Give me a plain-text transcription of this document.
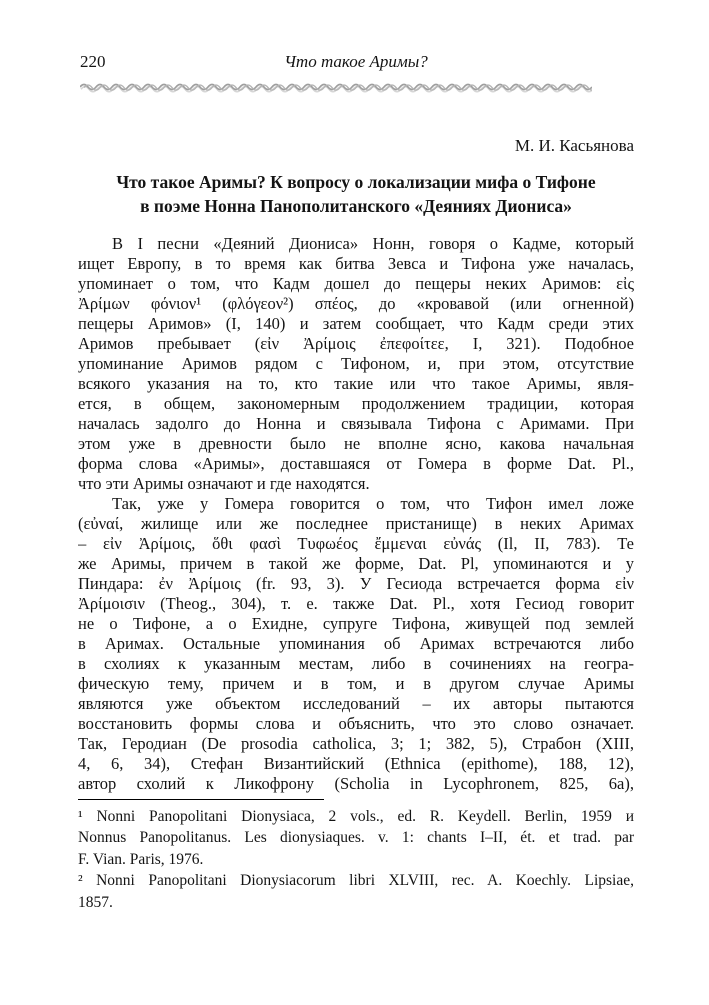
220	Что такое Аримы?
М. И. Касьянова
Что такое Аримы? К вопросу о локализации мифа о Тифоне
в поэме Нонна Панополитанского «Деяниях Диониса»
В I песни «Деяний Диониса» Нонн, говоря о Кадме, который
ищет Европу, в то время как битва Зевса и Тифона уже началась,
упоминает о том, что Кадм дошел до пещеры неких Аримов: εἰς
Ἀρίμων φόνιον¹ (φλόγεον²) σπέος, до «кровавой (или огненной)
пещеры Аримов» (I, 140) и затем сообщает, что Кадм среди этих
Аримов пребывает (εἰν Ἀρίμοις ἐπεφοίτεε, I, 321). Подобное
упоминание Аримов рядом с Тифоном, и, при этом, отсутствие
всякого указания на то, кто такие или что такое Аримы, явля-
ется, в общем, закономерным продолжением традиции, которая
началась задолго до Нонна и связывала Тифона с Аримами. При
этом уже в древности было не вполне ясно, какова начальная
форма слова «Аримы», доставшаяся от Гомера в форме Dat. Pl.,
что эти Аримы означают и где находятся.
Так, уже у Гомера говорится о том, что Тифон имел ложе
(εὐναί, жилище или же последнее пристанище) в неких Аримах
– εἰν Ἀρίμοις, ὅθι φασὶ Τυφωέος ἔμμεναι εὐνάς (Il, II, 783). Те
же Аримы, причем в такой же форме, Dat. Pl, упоминаются и у
Пиндара: ἐν Ἀρίμοις (fr. 93, 3). У Гесиода встречается форма εἰν
Ἀρίμοισιν (Theog., 304), т. е. также Dat. Pl., хотя Гесиод говорит
не о Тифоне, а о Ехидне, супруге Тифона, живущей под землей
в Аримах. Остальные упоминания об Аримах встречаются либо
в схолиях к указанным местам, либо в сочинениях на геогра-
фическую тему, причем и в том, и в другом случае Аримы
являются уже объектом исследований – их авторы пытаются
восстановить формы слова и объяснить, что это слово означает.
Так, Геродиан (De prosodia catholica, 3; 1; 382, 5), Страбон (XIII,
4, 6, 34), Стефан Византийский (Ethnica (epithome), 188, 12),
автор схолий к Ликофрону (Scholia in Lycophronem, 825, 6а),
¹ Nonni Panopolitani Dionysiaca, 2 vols., ed. R. Keydell. Berlin, 1959 и
Nonnus Panopolitanus. Les dionysiaques. v. 1: chants I–II, ét. et trad. par
F. Vian. Paris, 1976.
² Nonni Panopolitani Dionysiacorum libri XLVIII, rec. A. Koechly. Lipsiae,
1857.
